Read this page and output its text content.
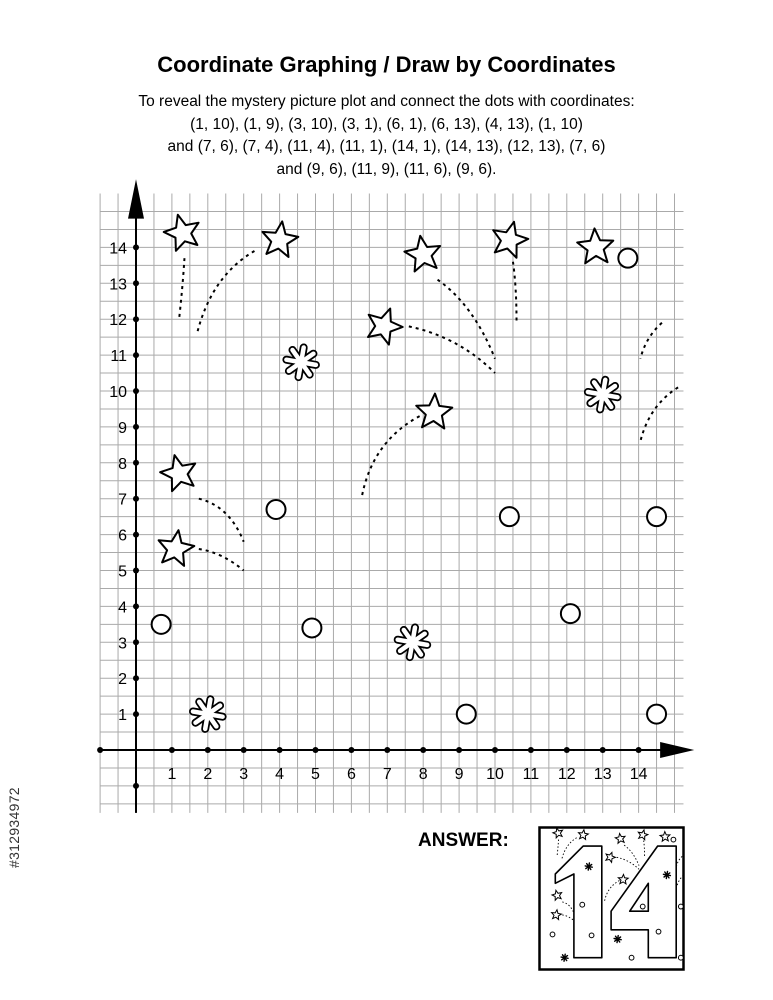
Coordinate Graphing / Draw by Coordinates
To reveal the mystery picture plot and connect the dots with coordinates:
(1, 10), (1, 9), (3, 10), (3, 1), (6, 1), (6, 13), (4, 13), (1, 10)
and (7, 6), (7, 4), (11, 4), (11, 1), (14, 1), (14, 13), (12, 13), (7, 6)
and (9, 6), (11, 9), (11, 6), (9, 6).
1 2 3 4 5 6 7 8 9 10 11 12 13 14
1
2
3
4
5
6
7
8
9
10
11
12
13
14
ANSWER:
#312934972
